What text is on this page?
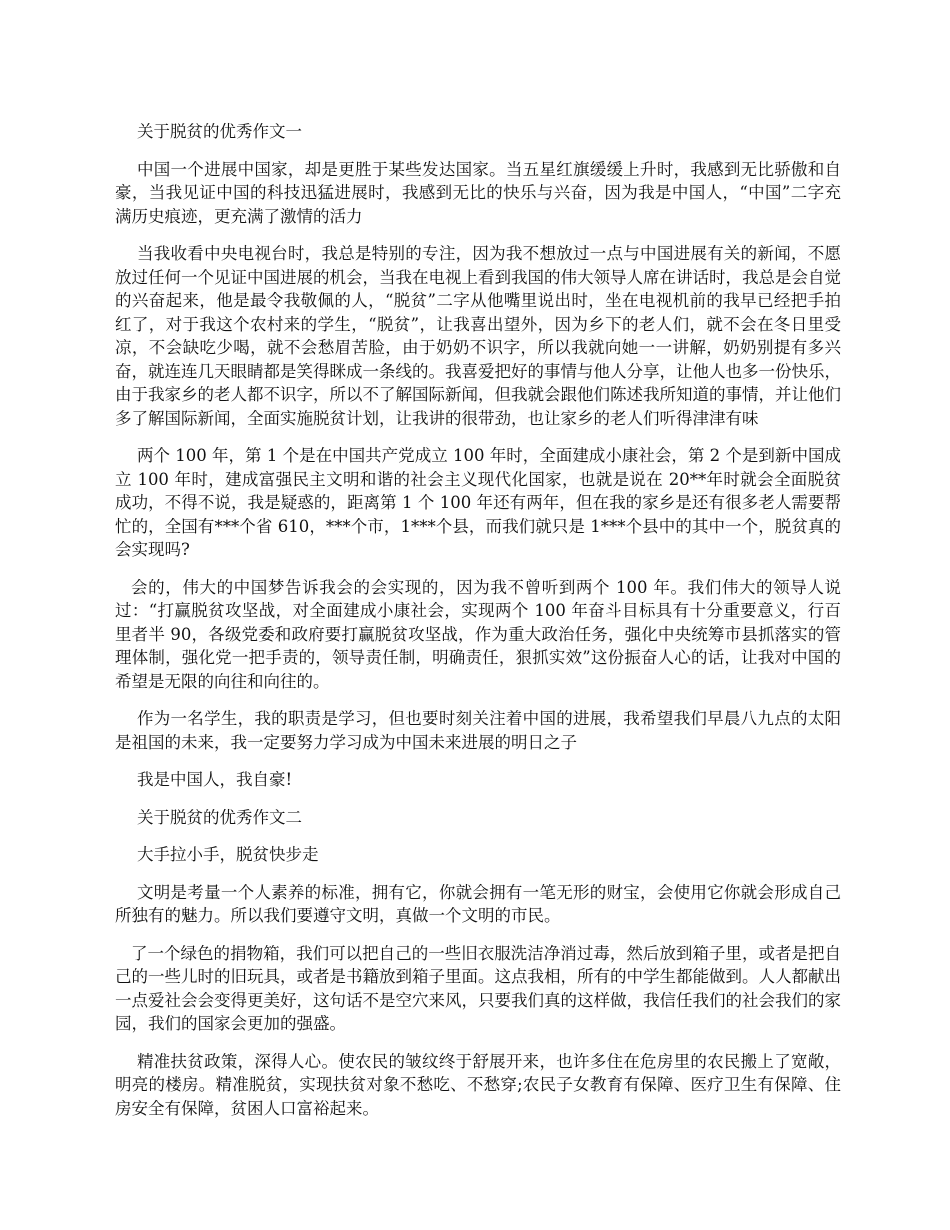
关于脱贫的优秀作文一

中国一个进展中国家，却是更胜于某些发达国家。当五星红旗缓缓上升时，我感到无比骄傲和自豪，当我见证中国的科技迅猛进展时，我感到无比的快乐与兴奋，因为我是中国人，“中国”二字充满历史痕迹，更充满了激情的活力

当我收看中央电视台时，我总是特别的专注，因为我不想放过一点与中国进展有关的新闻，不愿放过任何一个见证中国进展的机会，当我在电视上看到我国的伟大领导人席在讲话时，我总是会自觉的兴奋起来，他是最令我敬佩的人，“脱贫”二字从他嘴里说出时，坐在电视机前的我早已经把手拍红了，对于我这个农村来的学生，“脱贫”，让我喜出望外，因为乡下的老人们，就不会在冬日里受凉，不会缺吃少喝，就不会愁眉苦脸，由于奶奶不识字，所以我就向她一一讲解，奶奶别提有多兴奋，就连连几天眼睛都是笑得眯成一条线的。我喜爱把好的事情与他人分享，让他人也多一份快乐，由于我家乡的老人都不识字，所以不了解国际新闻，但我就会跟他们陈述我所知道的事情，并让他们多了解国际新闻，全面实施脱贫计划，让我讲的很带劲，也让家乡的老人们听得津津有味

两个 100 年，第 1 个是在中国共产党成立 100 年时，全面建成小康社会，第 2 个是到新中国成立 100 年时，建成富强民主文明和谐的社会主义现代化国家，也就是说在 20**年时就会全面脱贫成功，不得不说，我是疑惑的，距离第 1 个 100 年还有两年，但在我的家乡是还有很多老人需要帮忙的，全国有***个省 610，***个市，1***个县，而我们就只是 1***个县中的其中一个，脱贫真的会实现吗?

会的，伟大的中国梦告诉我会的会实现的，因为我不曾听到两个 100 年。我们伟大的领导人说过：“打赢脱贫攻坚战，对全面建成小康社会，实现两个 100 年奋斗目标具有十分重要意义，行百里者半 90，各级党委和政府要打赢脱贫攻坚战，作为重大政治任务，强化中央统筹市县抓落实的管理体制，强化党一把手责的，领导责任制，明确责任，狠抓实效”这份振奋人心的话，让我对中国的希望是无限的向往和向往的。

作为一名学生，我的职责是学习，但也要时刻关注着中国的进展，我希望我们早晨八九点的太阳是祖国的未来，我一定要努力学习成为中国未来进展的明日之子

我是中国人，我自豪!

关于脱贫的优秀作文二

大手拉小手，脱贫快步走

文明是考量一个人素养的标准，拥有它，你就会拥有一笔无形的财宝，会使用它你就会形成自己所独有的魅力。所以我们要遵守文明，真做一个文明的市民。

了一个绿色的捐物箱，我们可以把自己的一些旧衣服洗洁净消过毒，然后放到箱子里，或者是把自己的一些儿时的旧玩具，或者是书籍放到箱子里面。这点我相，所有的中学生都能做到。人人都献出一点爱社会会变得更美好，这句话不是空穴来风，只要我们真的这样做，我信任我们的社会我们的家园，我们的国家会更加的强盛。

精准扶贫政策，深得人心。使农民的皱纹终于舒展开来，也许多住在危房里的农民搬上了宽敞，明亮的楼房。精准脱贫，实现扶贫对象不愁吃、不愁穿;农民子女教育有保障、医疗卫生有保障、住房安全有保障，贫困人口富裕起来。
